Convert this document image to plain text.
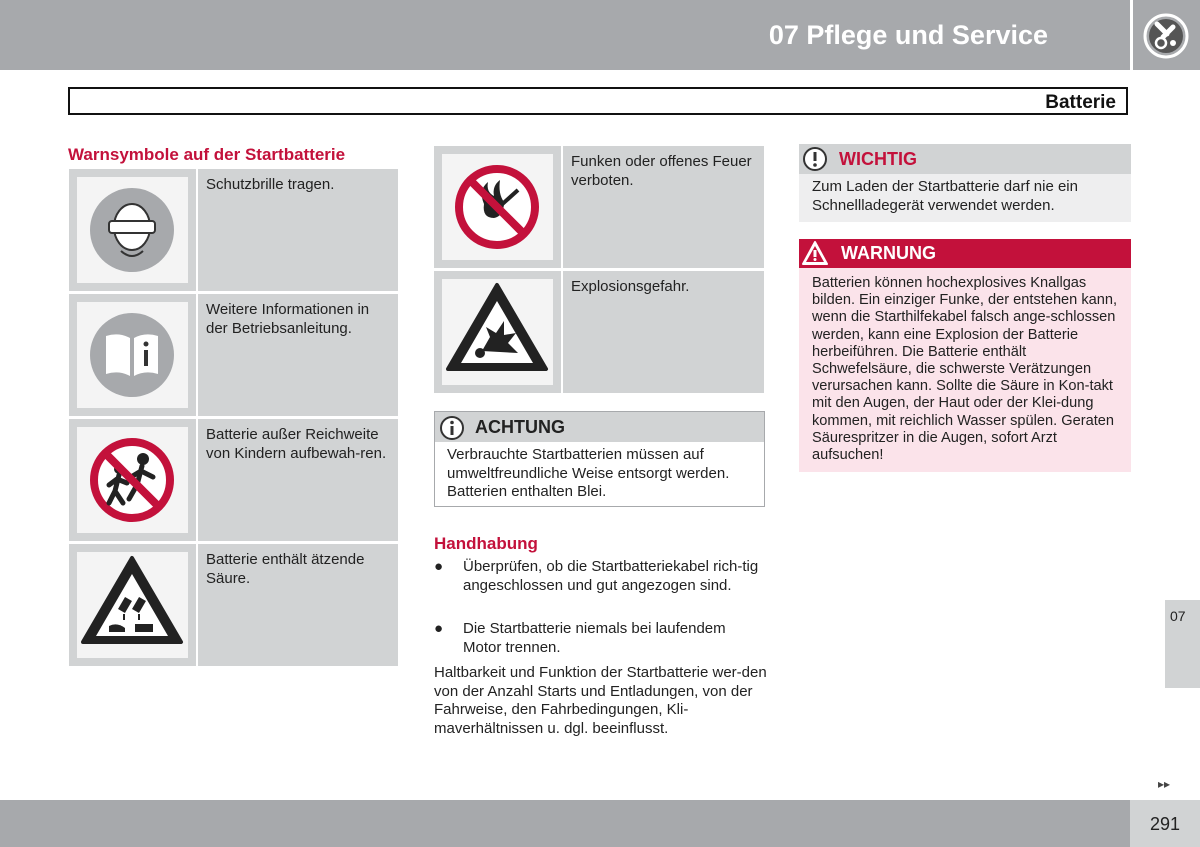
07 Pflege und Service
Batterie
Warnsymbole auf der Startbatterie
Schutzbrille tragen.
Weitere Informationen in der Betriebsanleitung.
Batterie außer Reichweite von Kindern aufbewah-ren.
Batterie enthält ätzende Säure.
Funken oder offenes Feuer verboten.
Explosionsgefahr.
ACHTUNG
Verbrauchte Startbatterien müssen auf umweltfreundliche Weise entsorgt werden. Batterien enthalten Blei.
Handhabung
● Überprüfen, ob die Startbatteriekabel rich-tig angeschlossen und gut angezogen sind.
● Die Startbatterie niemals bei laufendem Motor trennen.
Haltbarkeit und Funktion der Startbatterie wer-den von der Anzahl Starts und Entladungen, von der Fahrweise, den Fahrbedingungen, Kli-maverhältnissen u. dgl. beeinflusst.
WICHTIG
Zum Laden der Startbatterie darf nie ein Schnellladegerät verwendet werden.
WARNUNG
Batterien können hochexplosives Knallgas bilden. Ein einziger Funke, der entstehen kann, wenn die Starthilfekabel falsch ange-schlossen werden, kann eine Explosion der Batterie herbeiführen. Die Batterie enthält Schwefelsäure, die schwerste Verätzungen verursachen kann. Sollte die Säure in Kon-takt mit den Augen, der Haut oder der Klei-dung kommen, mit reichlich Wasser spülen. Geraten Säurespritzer in die Augen, sofort Arzt aufsuchen!
07
▸▸
291
